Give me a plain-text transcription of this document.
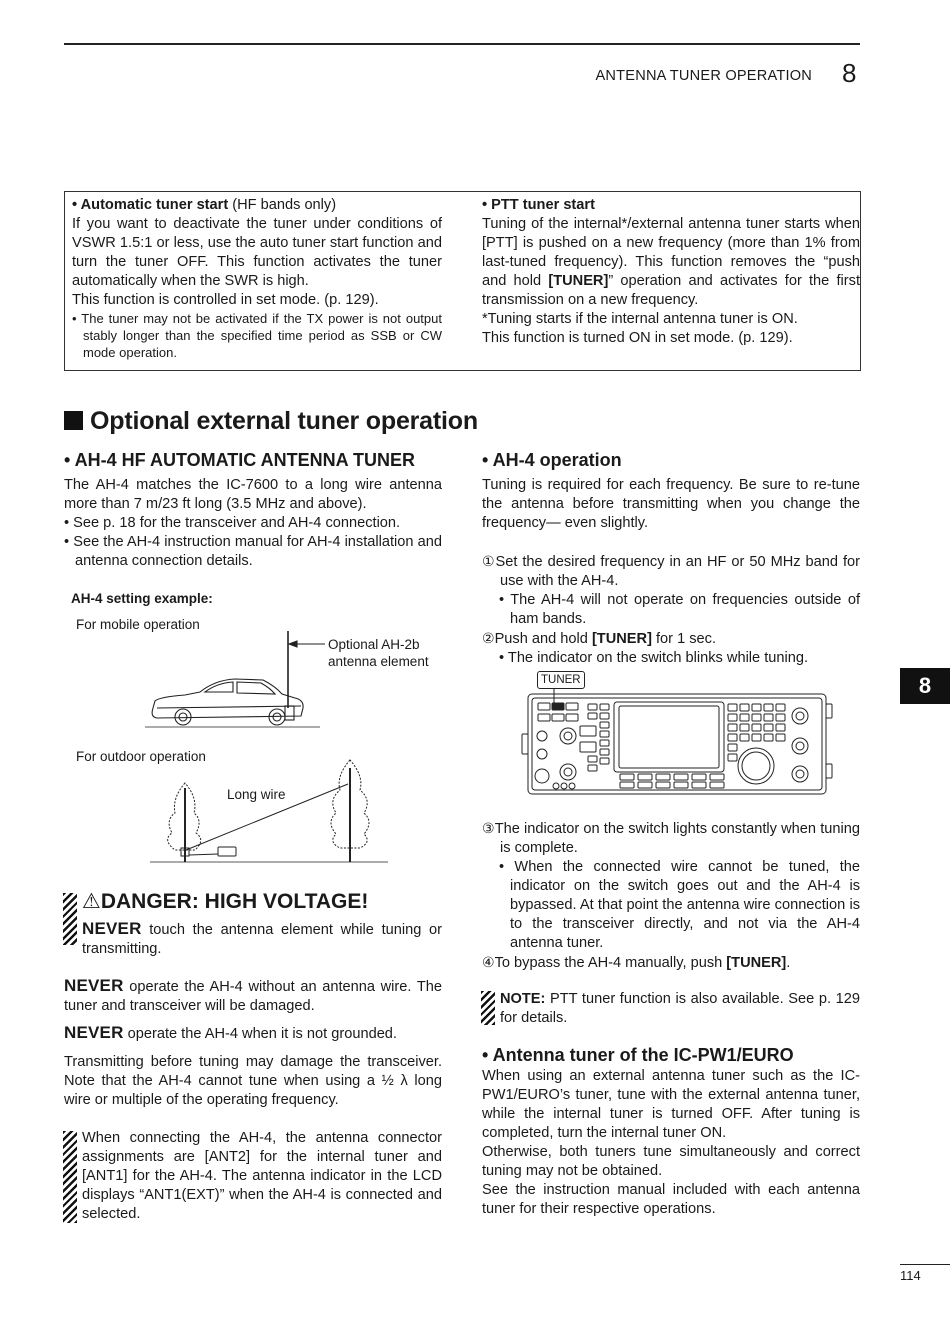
ANTENNA TUNER OPERATION 8
• Automatic tuner start (HF bands only)
If you want to deactivate the tuner under conditions of VSWR 1.5:1 or less, use the auto tuner start function and turn the tuner OFF. This function activates the tuner automatically when the SWR is high.
This function is controlled in set mode. (p. 129).
• The tuner may not be activated if the TX power is not output stably longer than the specified time period as SSB or CW mode operation.
• PTT tuner start
Tuning of the internal*/external antenna tuner starts when [PTT] is pushed on a new frequency (more than 1% from last-tuned frequency). This function removes the “push and hold [TUNER]” operation and activates for the first transmission on a new frequency.
*Tuning starts if the internal antenna tuner is ON.
This function is turned ON in set mode. (p. 129).
Optional external tuner operation
• AH-4 HF AUTOMATIC ANTENNA TUNER
The AH-4 matches the IC-7600 to a long wire antenna more than 7 m/23 ft long (3.5 MHz and above).
• See p. 18 for the transceiver and AH-4 connection.
• See the AH-4 instruction manual for AH-4 installation and antenna connection details.
AH-4 setting example:
For mobile operation
Optional AH-2b antenna element
For outdoor operation
Long wire
⚠DANGER: HIGH VOLTAGE!
NEVER touch the antenna element while tuning or transmitting.
NEVER operate the AH-4 without an antenna wire. The tuner and transceiver will be damaged.
NEVER operate the AH-4 when it is not grounded.
Transmitting before tuning may damage the transceiver. Note that the AH-4 cannot tune when using a ½ λ long wire or multiple of the operating frequency.
When connecting the AH-4, the antenna connector assignments are [ANT2] for the internal tuner and [ANT1] for the AH-4. The antenna indicator in the LCD displays “ANT1(EXT)” when the AH-4 is connected and selected.
• AH-4 operation
Tuning is required for each frequency. Be sure to re-tune the antenna before transmitting when you change the frequency— even slightly.
①Set the desired frequency in an HF or 50 MHz band for use with the AH-4.
• The AH-4 will not operate on frequencies outside of ham bands.
②Push and hold [TUNER] for 1 sec.
• The indicator on the switch blinks while tuning.
TUNER
③The indicator on the switch lights constantly when tuning is complete.
• When the connected wire cannot be tuned, the indicator on the switch goes out and the AH-4 is bypassed. At that point the antenna wire connection is to the transceiver directly, and not via the AH-4 antenna tuner.
④To bypass the AH-4 manually, push [TUNER].
NOTE: PTT tuner function is also available. See p. 129 for details.
• Antenna tuner of the IC-PW1/EURO
When using an external antenna tuner such as the IC-PW1/EURO’s tuner, tune with the external antenna tuner, while the internal tuner is turned OFF. After tuning is completed, turn the internal tuner ON.
Otherwise, both tuners tune simultaneously and correct tuning may not be obtained.
See the instruction manual included with each antenna tuner for their respective operations.
8
114
